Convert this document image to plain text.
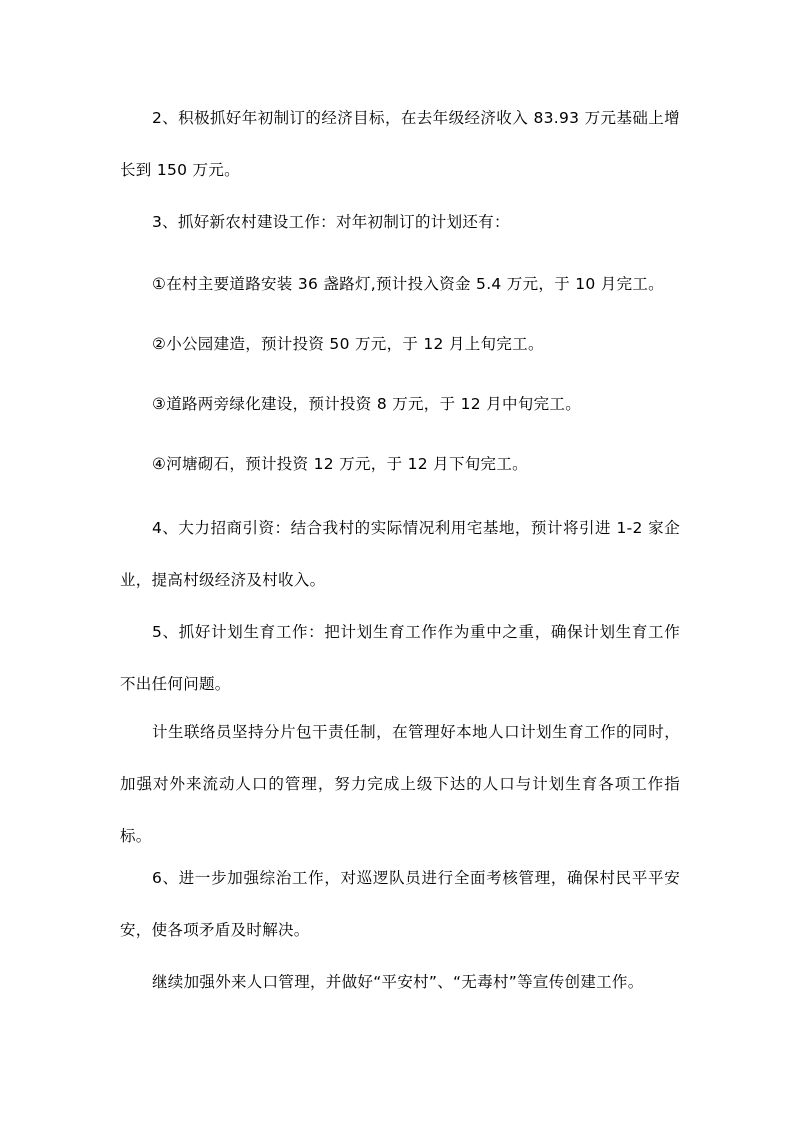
2、积极抓好年初制订的经济目标，在去年级经济收入 83.93 万元基础上增长到 150 万元。

3、抓好新农村建设工作：对年初制订的计划还有：

①在村主要道路安装 36 盏路灯,预计投入资金 5.4 万元，于 10 月完工。

②小公园建造，预计投资 50 万元，于 12 月上旬完工。

③道路两旁绿化建设，预计投资 8 万元，于 12 月中旬完工。

④河塘砌石，预计投资 12 万元，于 12 月下旬完工。

4、大力招商引资：结合我村的实际情况利用宅基地，预计将引进 1-2 家企业，提高村级经济及村收入。

5、抓好计划生育工作：把计划生育工作作为重中之重，确保计划生育工作不出任何问题。

计生联络员坚持分片包干责任制，在管理好本地人口计划生育工作的同时，加强对外来流动人口的管理，努力完成上级下达的人口与计划生育各项工作指标。

6、进一步加强综治工作，对巡逻队员进行全面考核管理，确保村民平平安安，使各项矛盾及时解决。

继续加强外来人口管理，并做好“平安村”、“无毒村”等宣传创建工作。
